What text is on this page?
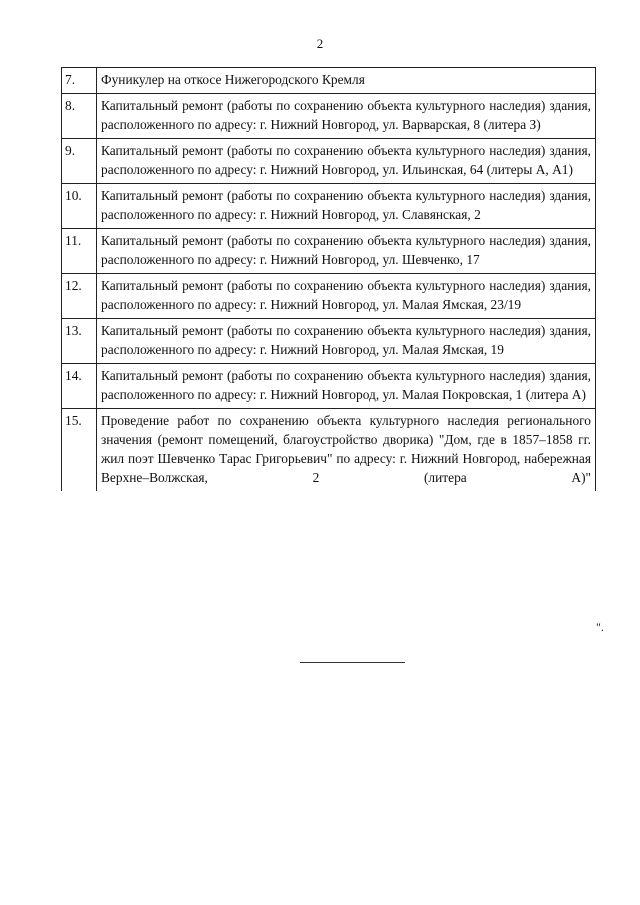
2
7.	Фуникулер на откосе Нижегородского Кремля
8.	Капитальный ремонт (работы по сохранению объекта культурного наследия) здания, расположенного по адресу: г. Нижний Новгород, ул. Варварская, 8 (литера З)
9.	Капитальный ремонт (работы по сохранению объекта культурного наследия) здания, расположенного по адресу: г. Нижний Новгород, ул. Ильинская, 64 (литеры А, А1)
10.	Капитальный ремонт (работы по сохранению объекта культурного наследия) здания, расположенного по адресу: г. Нижний Новгород, ул. Славянская, 2
11.	Капитальный ремонт (работы по сохранению объекта культурного наследия) здания, расположенного по адресу: г. Нижний Новгород, ул. Шевченко, 17
12.	Капитальный ремонт (работы по сохранению объекта культурного наследия) здания, расположенного по адресу: г. Нижний Новгород, ул. Малая Ямская, 23/19
13.	Капитальный ремонт (работы по сохранению объекта культурного наследия) здания, расположенного по адресу: г. Нижний Новгород, ул. Малая Ямская, 19
14.	Капитальный ремонт (работы по сохранению объекта культурного наследия) здания, расположенного по адресу: г. Нижний Новгород, ул. Малая Покровская, 1 (литера А)
15.	Проведение работ по сохранению объекта культурного наследия регионального значения (ремонт помещений, благоустройство дворика) "Дом, где в 1857–1858 гг. жил поэт Шевченко Тарас Григорьевич" по адресу: г. Нижний Новгород, набережная Верхне–Волжская, 2 (литера А)"
".
